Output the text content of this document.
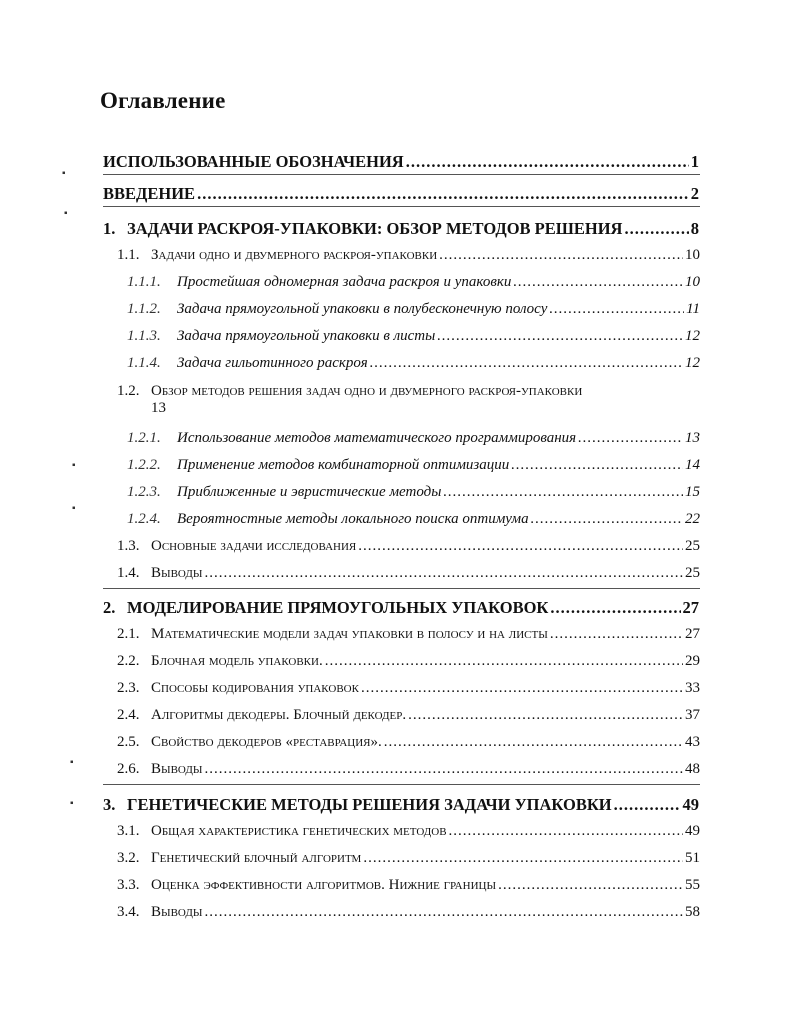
Оглавление
ИСПОЛЬЗОВАННЫЕ ОБОЗНАЧЕНИЯ .....	1
ВВЕДЕНИЕ .....	2
1. ЗАДАЧИ РАСКРОЯ-УПАКОВКИ: ОБЗОР МЕТОДОВ РЕШЕНИЯ .....	8
1.1. Задачи одно и двумерного раскроя-упаковки .....	10
1.1.1.	Простейшая одномерная задача раскроя и упаковки .....	10
1.1.2.	Задача прямоугольной упаковки в полубесконечную полосу .....	11
1.1.3.	Задача прямоугольной упаковки в листы .....	12
1.1.4.	Задача гильотинного раскроя .....	12
1.2. Обзор методов решения задач одно и двумерного раскроя-упаковки
13
1.2.1.	Использование методов математического программирования .....	13
1.2.2.	Применение методов комбинаторной оптимизации .....	14
1.2.3.	Приближенные и эвристические методы .....	15
1.2.4.	Вероятностные методы локального поиска оптимума .....	22
1.3. Основные задачи исследования .....	25
1.4. Выводы .....	25
2. МОДЕЛИРОВАНИЕ ПРЯМОУГОЛЬНЫХ УПАКОВОК .....	27
2.1. Математические модели задач упаковки в полосу и на листы .....	27
2.2. Блочная модель упаковки. .....	29
2.3. Способы кодирования упаковок .....	33
2.4. Алгоритмы декодеры. Блочный декодер. .....	37
2.5. Свойство декодеров «реставрация». .....	43
2.6. Выводы .....	48
3. ГЕНЕТИЧЕСКИЕ МЕТОДЫ РЕШЕНИЯ ЗАДАЧИ УПАКОВКИ .....	49
3.1. Общая характеристика генетических методов .....	49
3.2. Генетический блочный алгоритм .....	51
3.3. Оценка эффективности алгоритмов. Нижние границы .....	55
3.4. Выводы .....	58
▪
▪
▪
▪
▪
▪
